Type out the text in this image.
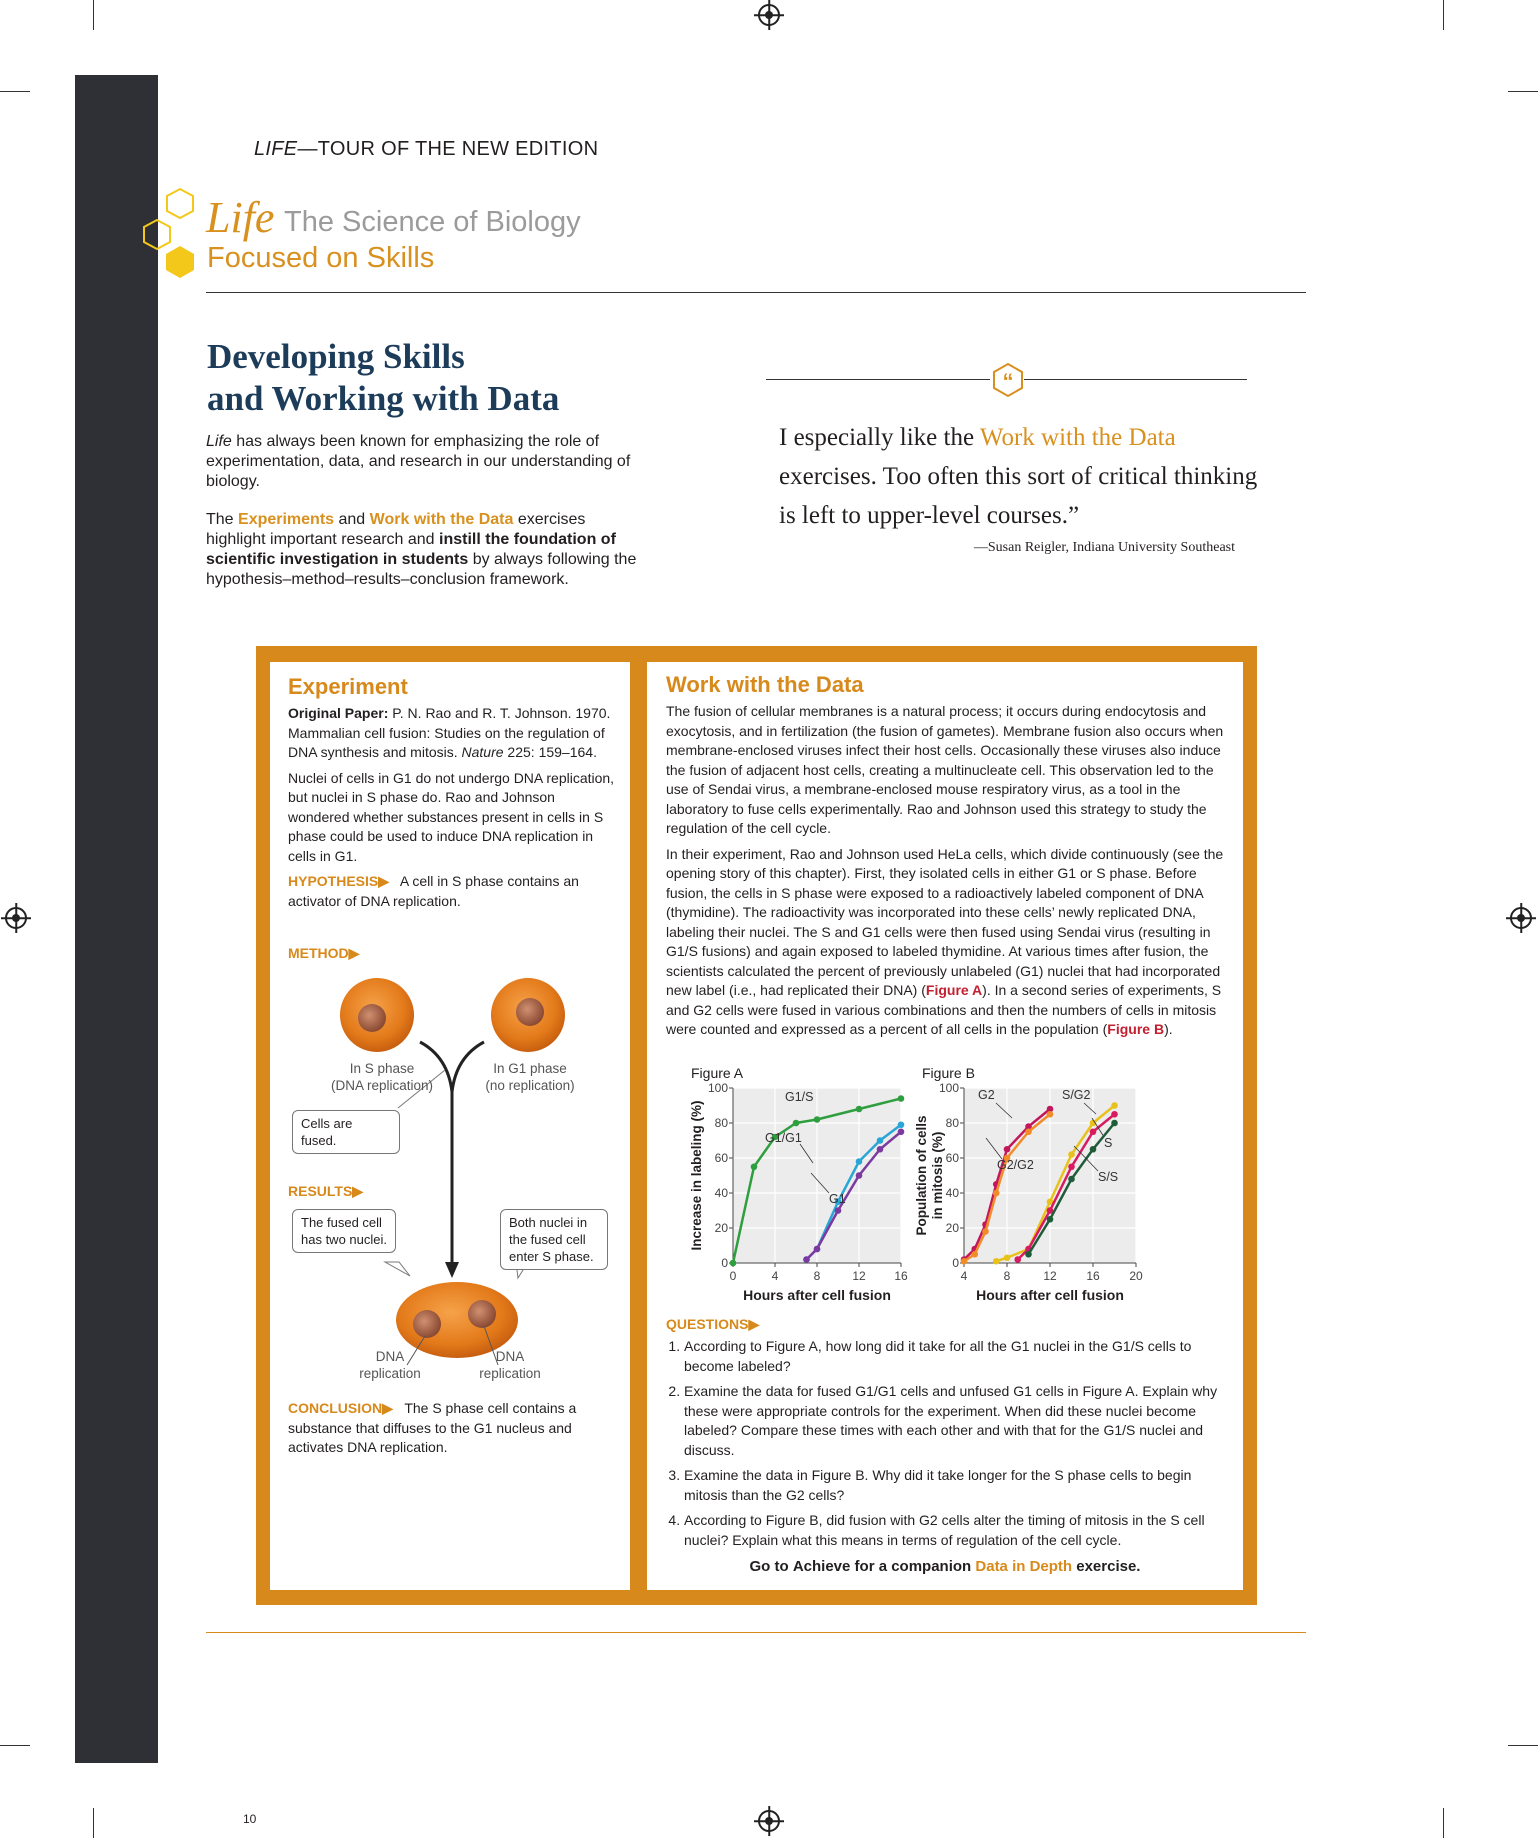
LIFE—TOUR OF THE NEW EDITION
Life The Science of Biology
Focused on Skills
Developing Skills
and Working with Data

Life has always been known for emphasizing the role of experimentation, data, and research in our understanding of biology.

The Experiments and Work with the Data exercises highlight important research and instill the foundation of scientific investigation in students by always following the hypothesis–method–results–conclusion framework.

“
I especially like the Work with the Data exercises. Too often this sort of critical thinking is left to upper-level courses.”
—Susan Reigler, Indiana University Southeast
Experiment

Original Paper: P. N. Rao and R. T. Johnson. 1970. Mammalian cell fusion: Studies on the regulation of DNA synthesis and mitosis. Nature 225: 159–164.

Nuclei of cells in G1 do not undergo DNA replication, but nuclei in S phase do. Rao and Johnson wondered whether substances present in cells in S phase could be used to induce DNA replication in cells in G1.

HYPOTHESIS▶ A cell in S phase contains an activator of DNA replication.

METHOD▶
In S phase
(DNA replication)
In G1 phase
(no replication)
Cells are fused.
RESULTS▶
The fused cell has two nuclei.
Both nuclei in the fused cell enter S phase.
DNA
replication
DNA
replication
CONCLUSION▶ The S phase cell contains a substance that diffuses to the G1 nucleus and activates DNA replication.
Work with the Data

The fusion of cellular membranes is a natural process; it occurs during endocytosis and exocytosis, and in fertilization (the fusion of gametes). Membrane fusion also occurs when membrane-enclosed viruses infect their host cells. Occasionally these viruses also induce the fusion of adjacent host cells, creating a multinucleate cell. This observation led to the use of Sendai virus, a membrane-enclosed mouse respiratory virus, as a tool in the laboratory to fuse cells experimentally. Rao and Johnson used this strategy to study the regulation of the cell cycle.

In their experiment, Rao and Johnson used HeLa cells, which divide continuously (see the opening story of this chapter). First, they isolated cells in either G1 or S phase. Before fusion, the cells in S phase were exposed to a radioactively labeled component of DNA (thymidine). The radioactivity was incorporated into these cells’ newly replicated DNA, labeling their nuclei. The S and G1 cells were then fused using Sendai virus (resulting in G1/S fusions) and again exposed to labeled thymidine. At various times after fusion, the scientists calculated the percent of previously unlabeled (G1) nuclei that had incorporated new label (i.e., had replicated their DNA) (Figure A). In a second series of experiments, S and G2 cells were fused in various combinations and then the numbers of cells in mitosis were counted and expressed as a percent of all cells in the population (Figure B).

Figure A
0
20
40
60
80
100
0	4	8	12 16
G1/S
G1/G1
G1
Hours after cell fusion
Increase in labeling (%)
Figure B
0
20
40
60
80
100
4	8	12 16 20
G2
G2/G2
S/G2
S
S/S
Hours after cell fusion
Population of cells in mitosis (%)
QUESTIONS▶
1. According to Figure A, how long did it take for all the G1 nuclei in the G1/S cells to become labeled?
2. Examine the data for fused G1/G1 cells and unfused G1 cells in Figure A. Explain why these were appropriate controls for the experiment. When did these nuclei become labeled? Compare these times with each other and with that for the G1/S nuclei and discuss.
3. Examine the data in Figure B. Why did it take longer for the S phase cells to begin mitosis than the G2 cells?
4. According to Figure B, did fusion with G2 cells alter the timing of mitosis in the S cell nuclei? Explain what this means in terms of regulation of the cell cycle.
Go to Achieve for a companion Data in Depth exercise.
10
